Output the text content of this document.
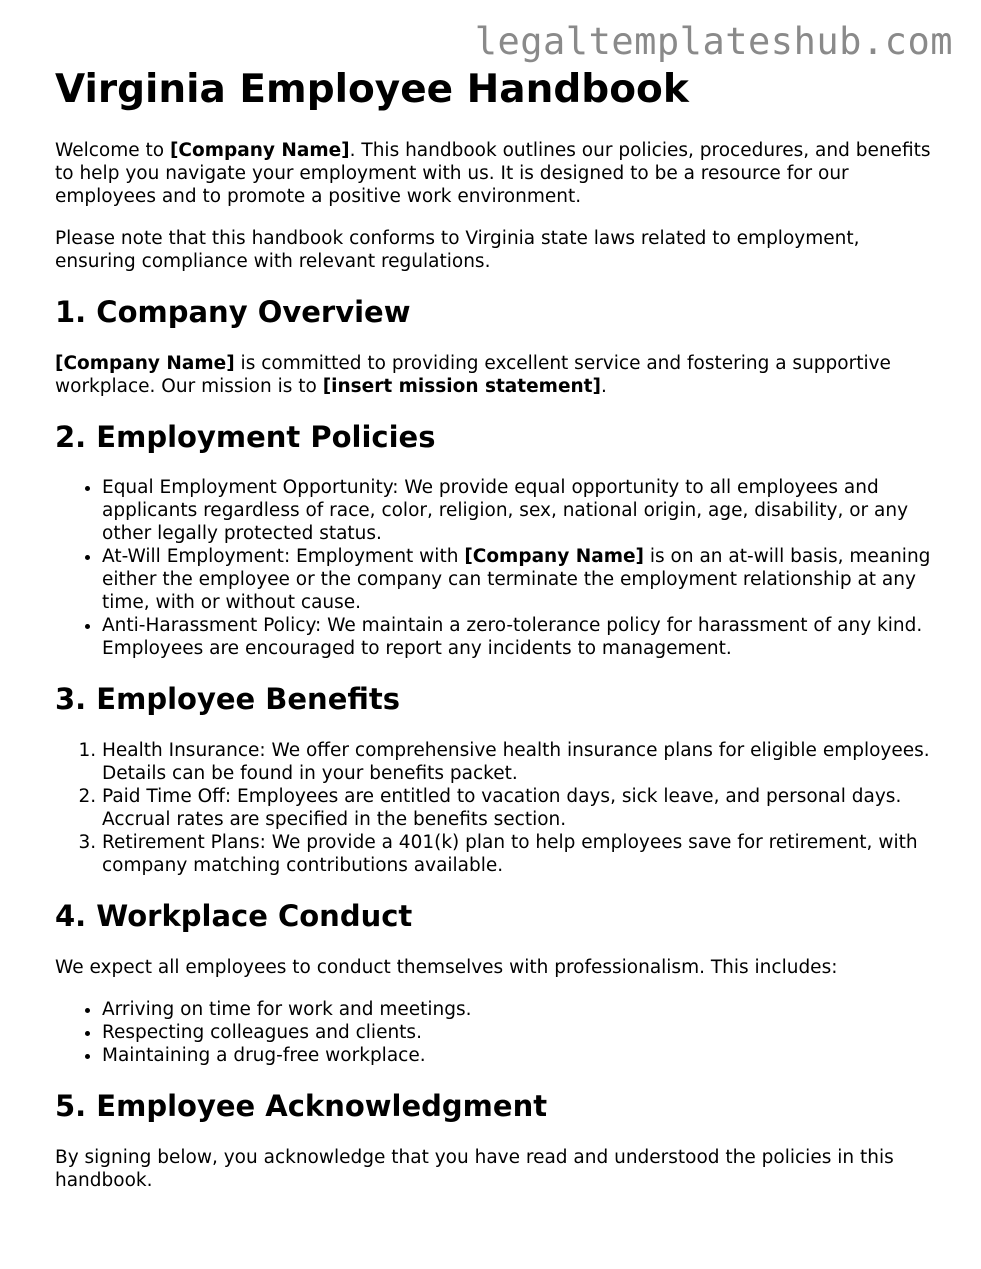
legaltemplateshub.com

Virginia Employee Handbook

Welcome to [Company Name]. This handbook outlines our policies, procedures, and benefits to help you navigate your employment with us. It is designed to be a resource for our employees and to promote a positive work environment.

Please note that this handbook conforms to Virginia state laws related to employment, ensuring compliance with relevant regulations.

1. Company Overview

[Company Name] is committed to providing excellent service and fostering a supportive workplace. Our mission is to [insert mission statement].

2. Employment Policies
• Equal Employment Opportunity: We provide equal opportunity to all employees and applicants regardless of race, color, religion, sex, national origin, age, disability, or any other legally protected status.
• At-Will Employment: Employment with [Company Name] is on an at-will basis, meaning either the employee or the company can terminate the employment relationship at any time, with or without cause.
• Anti-Harassment Policy: We maintain a zero-tolerance policy for harassment of any kind. Employees are encouraged to report any incidents to management.
3. Employee Benefits
1. Health Insurance: We offer comprehensive health insurance plans for eligible employees. Details can be found in your benefits packet.
2. Paid Time Off: Employees are entitled to vacation days, sick leave, and personal days. Accrual rates are specified in the benefits section.
3. Retirement Plans: We provide a 401(k) plan to help employees save for retirement, with company matching contributions available.
4. Workplace Conduct

We expect all employees to conduct themselves with professionalism. This includes:

• Arriving on time for work and meetings.
• Respecting colleagues and clients.
• Maintaining a drug-free workplace.
5. Employee Acknowledgment

By signing below, you acknowledge that you have read and understood the policies in this handbook.
